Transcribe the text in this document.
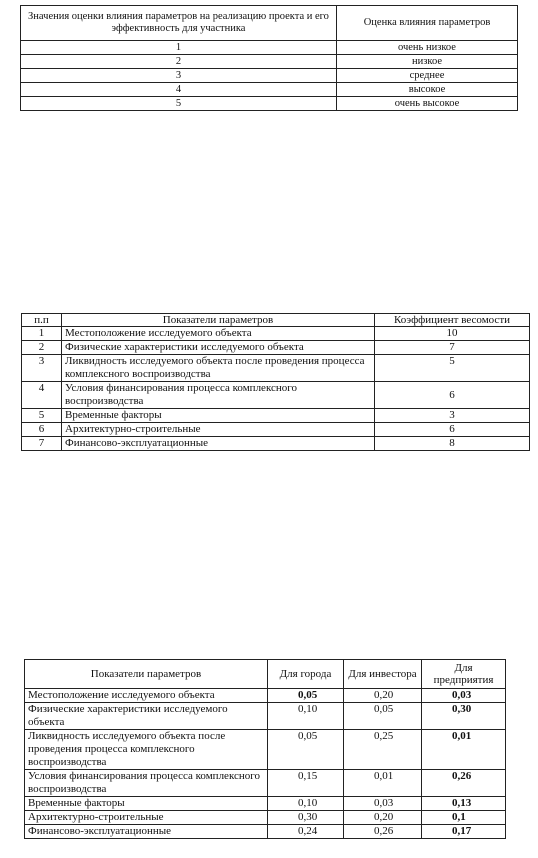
Значения оценки влияния параметров на реализацию проекта и его эффективность для участника	Оценка влияния параметров
1	очень низкое
2	низкое
3	среднее
4	высокое
5	очень высокое
п.п	Показатели параметров	Коэффициент весомости
1	Местоположение исследуемого объекта	10
2	Физические характеристики исследуемого объекта	7
3	Ликвидность исследуемого объекта после проведения процесса комплексного воспроизводства	5
4	Условия финансирования процесса комплексного воспроизводства	6
5	Временные факторы	3
6	Архитектурно-строительные	6
7	Финансово-эксплуатационные	8
Показатели параметров	Для города	Для инвестора	Для предприятия
Местоположение исследуемого объекта	0,05	0,20	0,03
Физические характеристики исследуемого объекта	0,10	0,05	0,30
Ликвидность исследуемого объекта после проведения процесса комплексного воспроизводства	0,05	0,25	0,01
Условия финансирования процесса комплексного воспроизводства	0,15	0,01	0,26
Временные факторы	0,10	0,03	0,13
Архитектурно-строительные	0,30	0,20	0,1
Финансово-эксплуатационные	0,24	0,26	0,17
